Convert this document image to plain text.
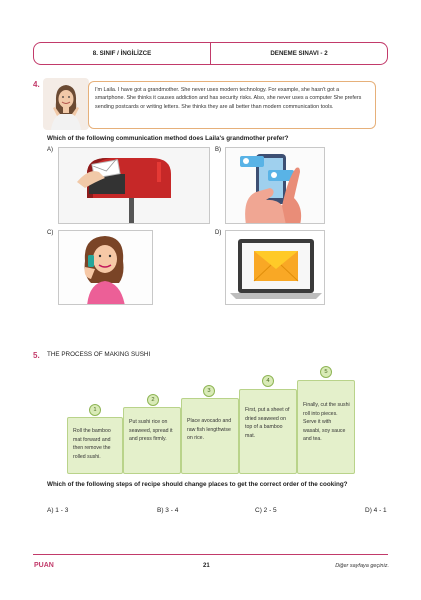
8. SINIF / İNGİLİZCE	DENEME SINAVI - 2
4.
I'm Laila. I have got a grandmother. She never uses modern technology. For example, she hasn't got a smartphone. She thinks it causes addiction and has security risks. Also, she never uses a computer She prefers sending postcards or writing letters. She thinks they are all better than modern communication tools.
Which of the following communication method does Laila's grandmother prefer?
A)	B)
C)	D)
5. THE PROCESS OF MAKING SUSHI
1
Roll the bamboo mat forward and then remove the rolled sushi.
2
Put sushi rice on seaweed, spread it and press firmly.
3
Place avocado and raw fish lengthwise on rice.
4
First, put a sheet of dried seaweed on top of a bamboo mat.
5
Finally, cut the sushi roll into pieces. Serve it with wasabi, soy sauce and tea.
Which of the following steps of recipe should change places to get the correct order of the cooking?
A) 1 - 3	B) 3 - 4	C) 2 - 5	D) 4 - 1
PUAN	21	Diğer sayfaya geçiniz.
